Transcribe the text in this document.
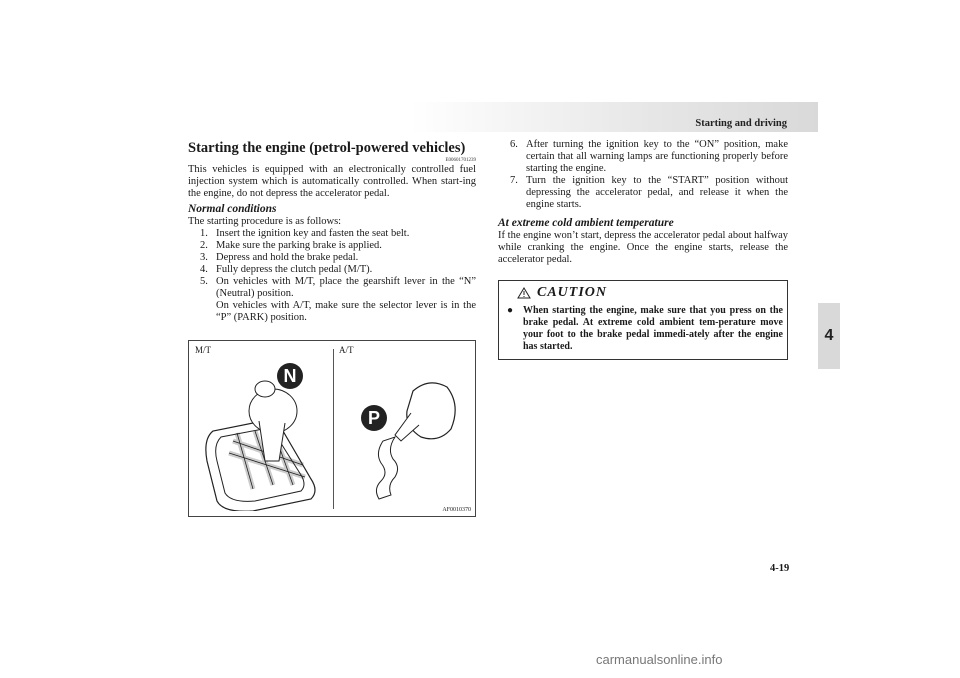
Starting and driving
4
Starting the engine (petrol-powered vehicles)
E00601701239

This vehicles is equipped with an electronically controlled fuel injection system which is automatically controlled. When start-ing the engine, do not depress the accelerator pedal.

Normal conditions

The starting procedure is as follows:

1. Insert the ignition key and fasten the seat belt.
2. Make sure the parking brake is applied.
3. Depress and hold the brake pedal.
4. Fully depress the clutch pedal (M/T).
5. On vehicles with M/T, place the gearshift lever in the “N” (Neutral) position.

On vehicles with A/T, make sure the selector lever is in the “P” (PARK) position.

M/T	A/T
N
P
AF0010370
6. After turning the ignition key to the “ON” position, make certain that all warning lamps are functioning properly before starting the engine.
7. Turn the ignition key to the “START” position without depressing the accelerator pedal, and release it when the engine starts.
At extreme cold ambient temperature

If the engine won’t start, depress the accelerator pedal about halfway while cranking the engine. Once the engine starts, release the accelerator pedal.

CAUTION
● When starting the engine, make sure that you press on the brake pedal. At extreme cold ambient tem-perature move your foot to the brake pedal immedi-ately after the engine has started.
4-19
carmanualsonline.info
